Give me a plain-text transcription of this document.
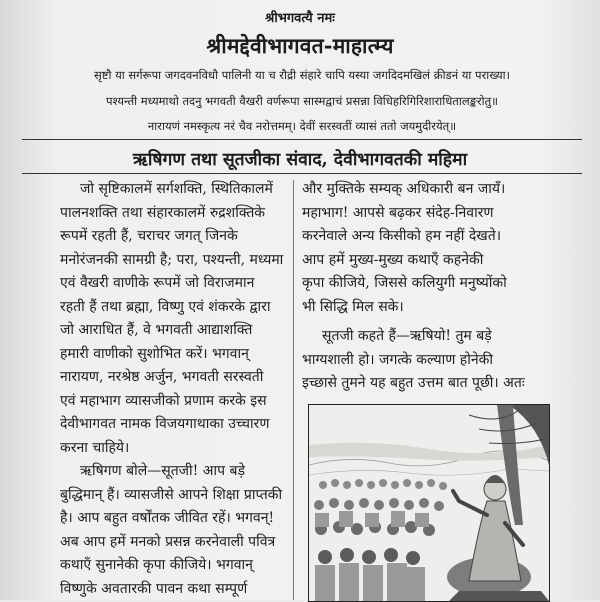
श्रीभगवत्यै नमः
श्रीमद्देवीभागवत-माहात्म्य
सृष्टौ या सर्गरूपा जगदवनविधौ पालिनी या च रौद्री संहारे चापि यस्या जगदिदमखिलं क्रीडनं या पराख्या।
पश्यन्ती मध्यमाथो तदनु भगवती वैखरी वर्णरूपा सास्मद्वाचं प्रसन्ना विधिहरिगिरिशाराधितालङ्करोतु॥
नारायणं नमस्कृत्य नरं चैव नरोत्तमम्। देवीं सरस्वतीं व्यासं ततो जयमुदीरयेत्॥
ऋषिगण तथा सूतजीका संवाद, देवीभागवतकी महिमा

जो सृष्टिकालमें सर्गशक्ति, स्थितिकालमें

पालनशक्ति तथा संहारकालमें रुद्रशक्तिके

रूपमें रहती हैं, चराचर जगत् जिनके

मनोरंजनकी सामग्री है; परा, पश्यन्ती, मध्यमा

एवं वैखरी वाणीके रूपमें जो विराजमान

रहती हैं तथा ब्रह्मा, विष्णु एवं शंकरके द्वारा

जो आराधित हैं, वे भगवती आद्याशक्ति

हमारी वाणीको सुशोभित करें। भगवान्

नारायण, नरश्रेष्ठ अर्जुन, भगवती सरस्वती

एवं महाभाग व्यासजीको प्रणाम करके इस

देवीभागवत नामक विजयगाथाका उच्चारण

करना चाहिये।

ऋषिगण बोले—सूतजी! आप बड़े

बुद्धिमान् हैं। व्यासजीसे आपने शिक्षा प्राप्तकी

है। आप बहुत वर्षोंतक जीवित रहें। भगवन्!

अब आप हमें मनको प्रसन्न करनेवाली पवित्र

कथाएँ सुनानेकी कृपा कीजिये। भगवान्

विष्णुके अवतारकी पावन कथा सम्पूर्ण

और मुक्तिके सम्यक् अधिकारी बन जायँ।

महाभाग! आपसे बढ़कर संदेह-निवारण

करनेवाले अन्य किसीको हम नहीं देखते।

आप हमें मुख्य-मुख्य कथाएँ कहनेकी

कृपा कीजिये, जिससे कलियुगी मनुष्योंको

भी सिद्धि मिल सके।

सूतजी कहते हैं—ऋषियो! तुम बड़े

भाग्यशाली हो। जगत्के कल्याण होनेकी

इच्छासे तुमने यह बहुत उत्तम बात पूछी। अतः
